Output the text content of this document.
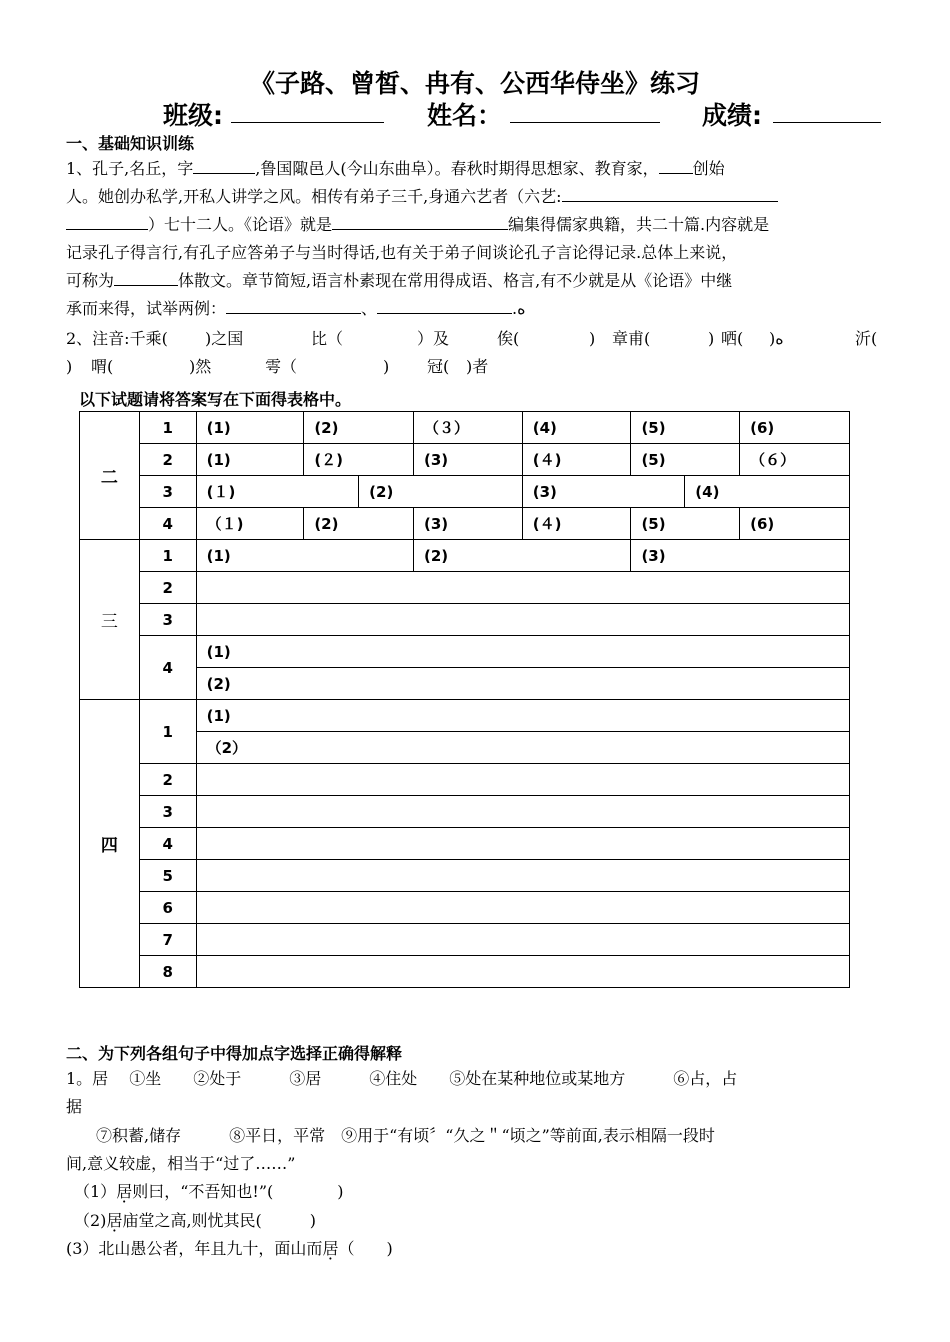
《子路、曾皙、冉有、公西华侍坐》练习
班级:	姓名：	成绩:
一、基础知识训练
1、孔子,名丘，字	,鲁国陬邑人(今山东曲阜）。春秋时期得思想家、教育家， 创始
人。她创办私学,开私人讲学之风。相传有弟子三千,身通六艺者（六艺:
）七十二人。《论语》就是	编集得儒家典籍，共二十篇.内容就是
记录孔子得言行,有孔子应答弟子与当时得话,也有关于弟子间谈论孔子言论得记录.总体上来说，
可称为	体散文。章节简短,语言朴素现在常用得成语、格言,有不少就是从《论语》中继
承而来得，试举两例：	、	.ﻩ
2、注音:千乘( )之国	比（	）及	俟(	) 章甫(	) 哂( )ﻩ	沂(
) 喟(	)然	雩（	) 冠( )者
以下试题请将答案写在下面得表格中。
二	1	(1)	(2)		（３）	(4)	(5)		(6)
	2	(1)	(２)		(3)	(４)	(5)		（６）
	3	(１)		(2)		(3)		(4)	
	4	（１)	(2)		(3)	(４)	(5)		(6)
三	1	(1)			(2)		(3)		
	2								
	3								
	4	(1)							
		(2)							
四	1	(1)							
		（2）							
	2								
	3								
	4								
	5								
	6								
	7								
	8								
二、为下列各组句子中得加点字选择正确得解释
1。居　 ①坐　　②处于　　　③居　　　④住处　　⑤处在某种地位或某地方　　　⑥占，占
据
⑦积蓄,储存　　　⑧平日，平常　⑨用于“有顷〞“久之＂“顷之”等前面,表示相隔一段时
间,意义较虚，相当于“过了……”
（1）居则曰，“不吾知也!”(　　　　)
（2)居庙堂之高,则忧其民(　　　)
(3）北山愚公者，年且九十，面山而居（　　)
